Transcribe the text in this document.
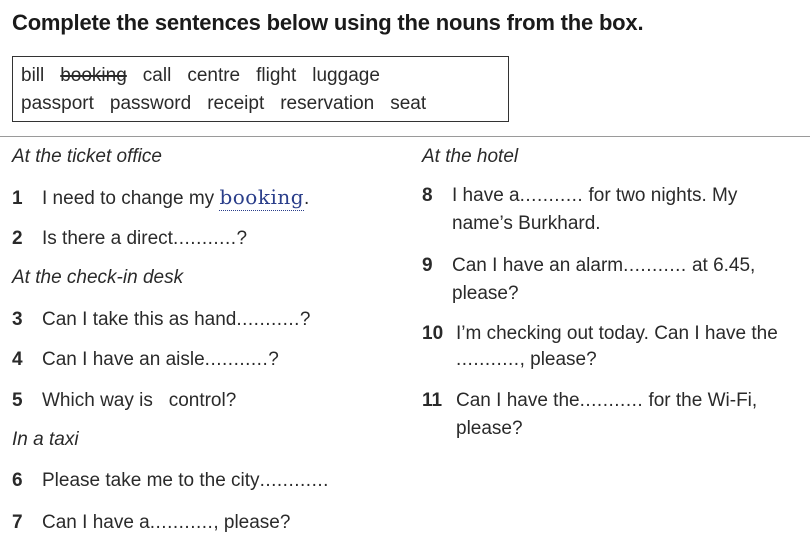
Complete the sentences below using the nouns from the box.
bill booking call centre flight luggage
passport password receipt reservation seat
At the ticket office
1 I need to change my booking.
2 Is there a direct...........?
At the check-in desk
3 Can I take this as hand...........?
4 Can I have an aisle...........?
5 Which way is   control?
In a taxi
6 Please take me to the city............
7 Can I have a..........., please?
At the hotel
8 I have a........... for two nights. My
name’s Burkhard.
9 Can I have an alarm........... at 6.45,
please?
10 I’m checking out today. Can I have the
..........., please?
11 Can I have the........... for the Wi-Fi,
please?
